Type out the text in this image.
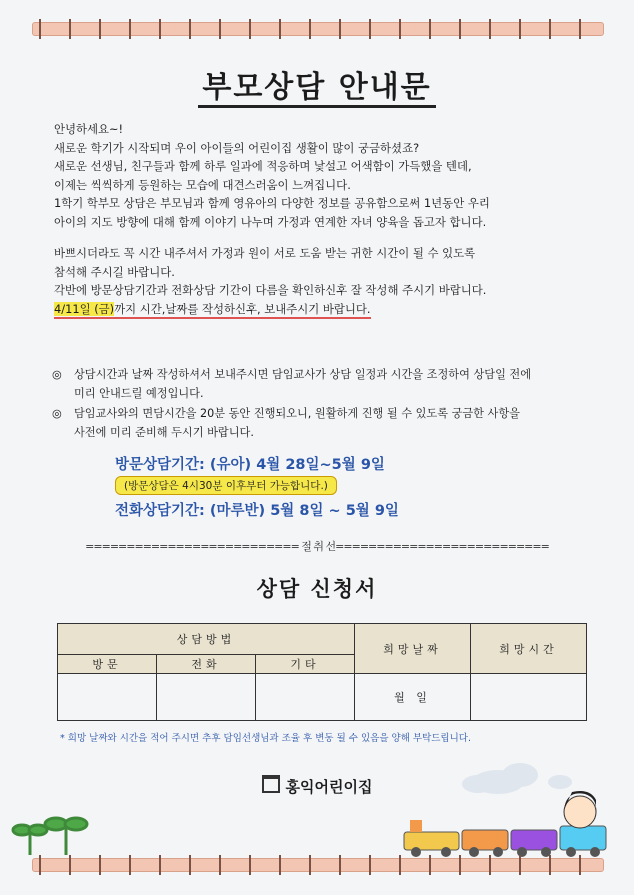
부모상담 안내문

안녕하세요~!

새로운 학기가 시작되며 우이 아이들의 어린이집 생활이 많이 궁금하셨죠?

새로운 선생님, 친구들과 함께 하루 일과에 적응하며 낯설고 어색함이 가득했을 텐데,

이제는 씩씩하게 등원하는 모습에 대견스러움이 느껴집니다.

1학기 학부모 상담은 부모님과 함께 영유아의 다양한 정보를 공유함으로써 1년동안 우리

아이의 지도 방향에 대해 함께 이야기 나누며 가정과 연계한 자녀 양육을 돕고자 합니다.

바쁘시더라도 꼭 시간 내주셔서 가정과 원이 서로 도움 받는 귀한 시간이 될 수 있도록

참석해 주시길 바랍니다.

각반에 방문상담기간과 전화상담 기간이 다름을 확인하신후 잘 작성해 주시기 바랍니다.

4/11일 (금)까지 시간,날짜를 작성하신후, 보내주시기 바랍니다.

◎	상담시간과 날짜 작성하셔서 보내주시면 담임교사가 상담 일정과 시간을 조정하여 상담일 전에
미리 안내드릴 예정입니다.
◎	담임교사와의 면담시간을 20분 동안 진행되오니, 원활하게 진행 될 수 있도록 궁금한 사항을
사전에 미리 준비해 두시기 바랍니다.
방문상담기간: (유아) 4월 28일~5월 9일
(방문상담은 4시30분 이후부터 가능합니다.)
전화상담기간: (마루반) 5월 8일 ~ 5월 9일
========================== 절 취 선==========================
상담 신청서
상담방법			희망날짜	희망시간
방문	전화	기타		
			월 일	
* 희망 날짜와 시간을 적어 주시면 추후 담임선생님과 조율 후 변동 될 수 있음을 양해 부탁드립니다.
홍익어린이집
